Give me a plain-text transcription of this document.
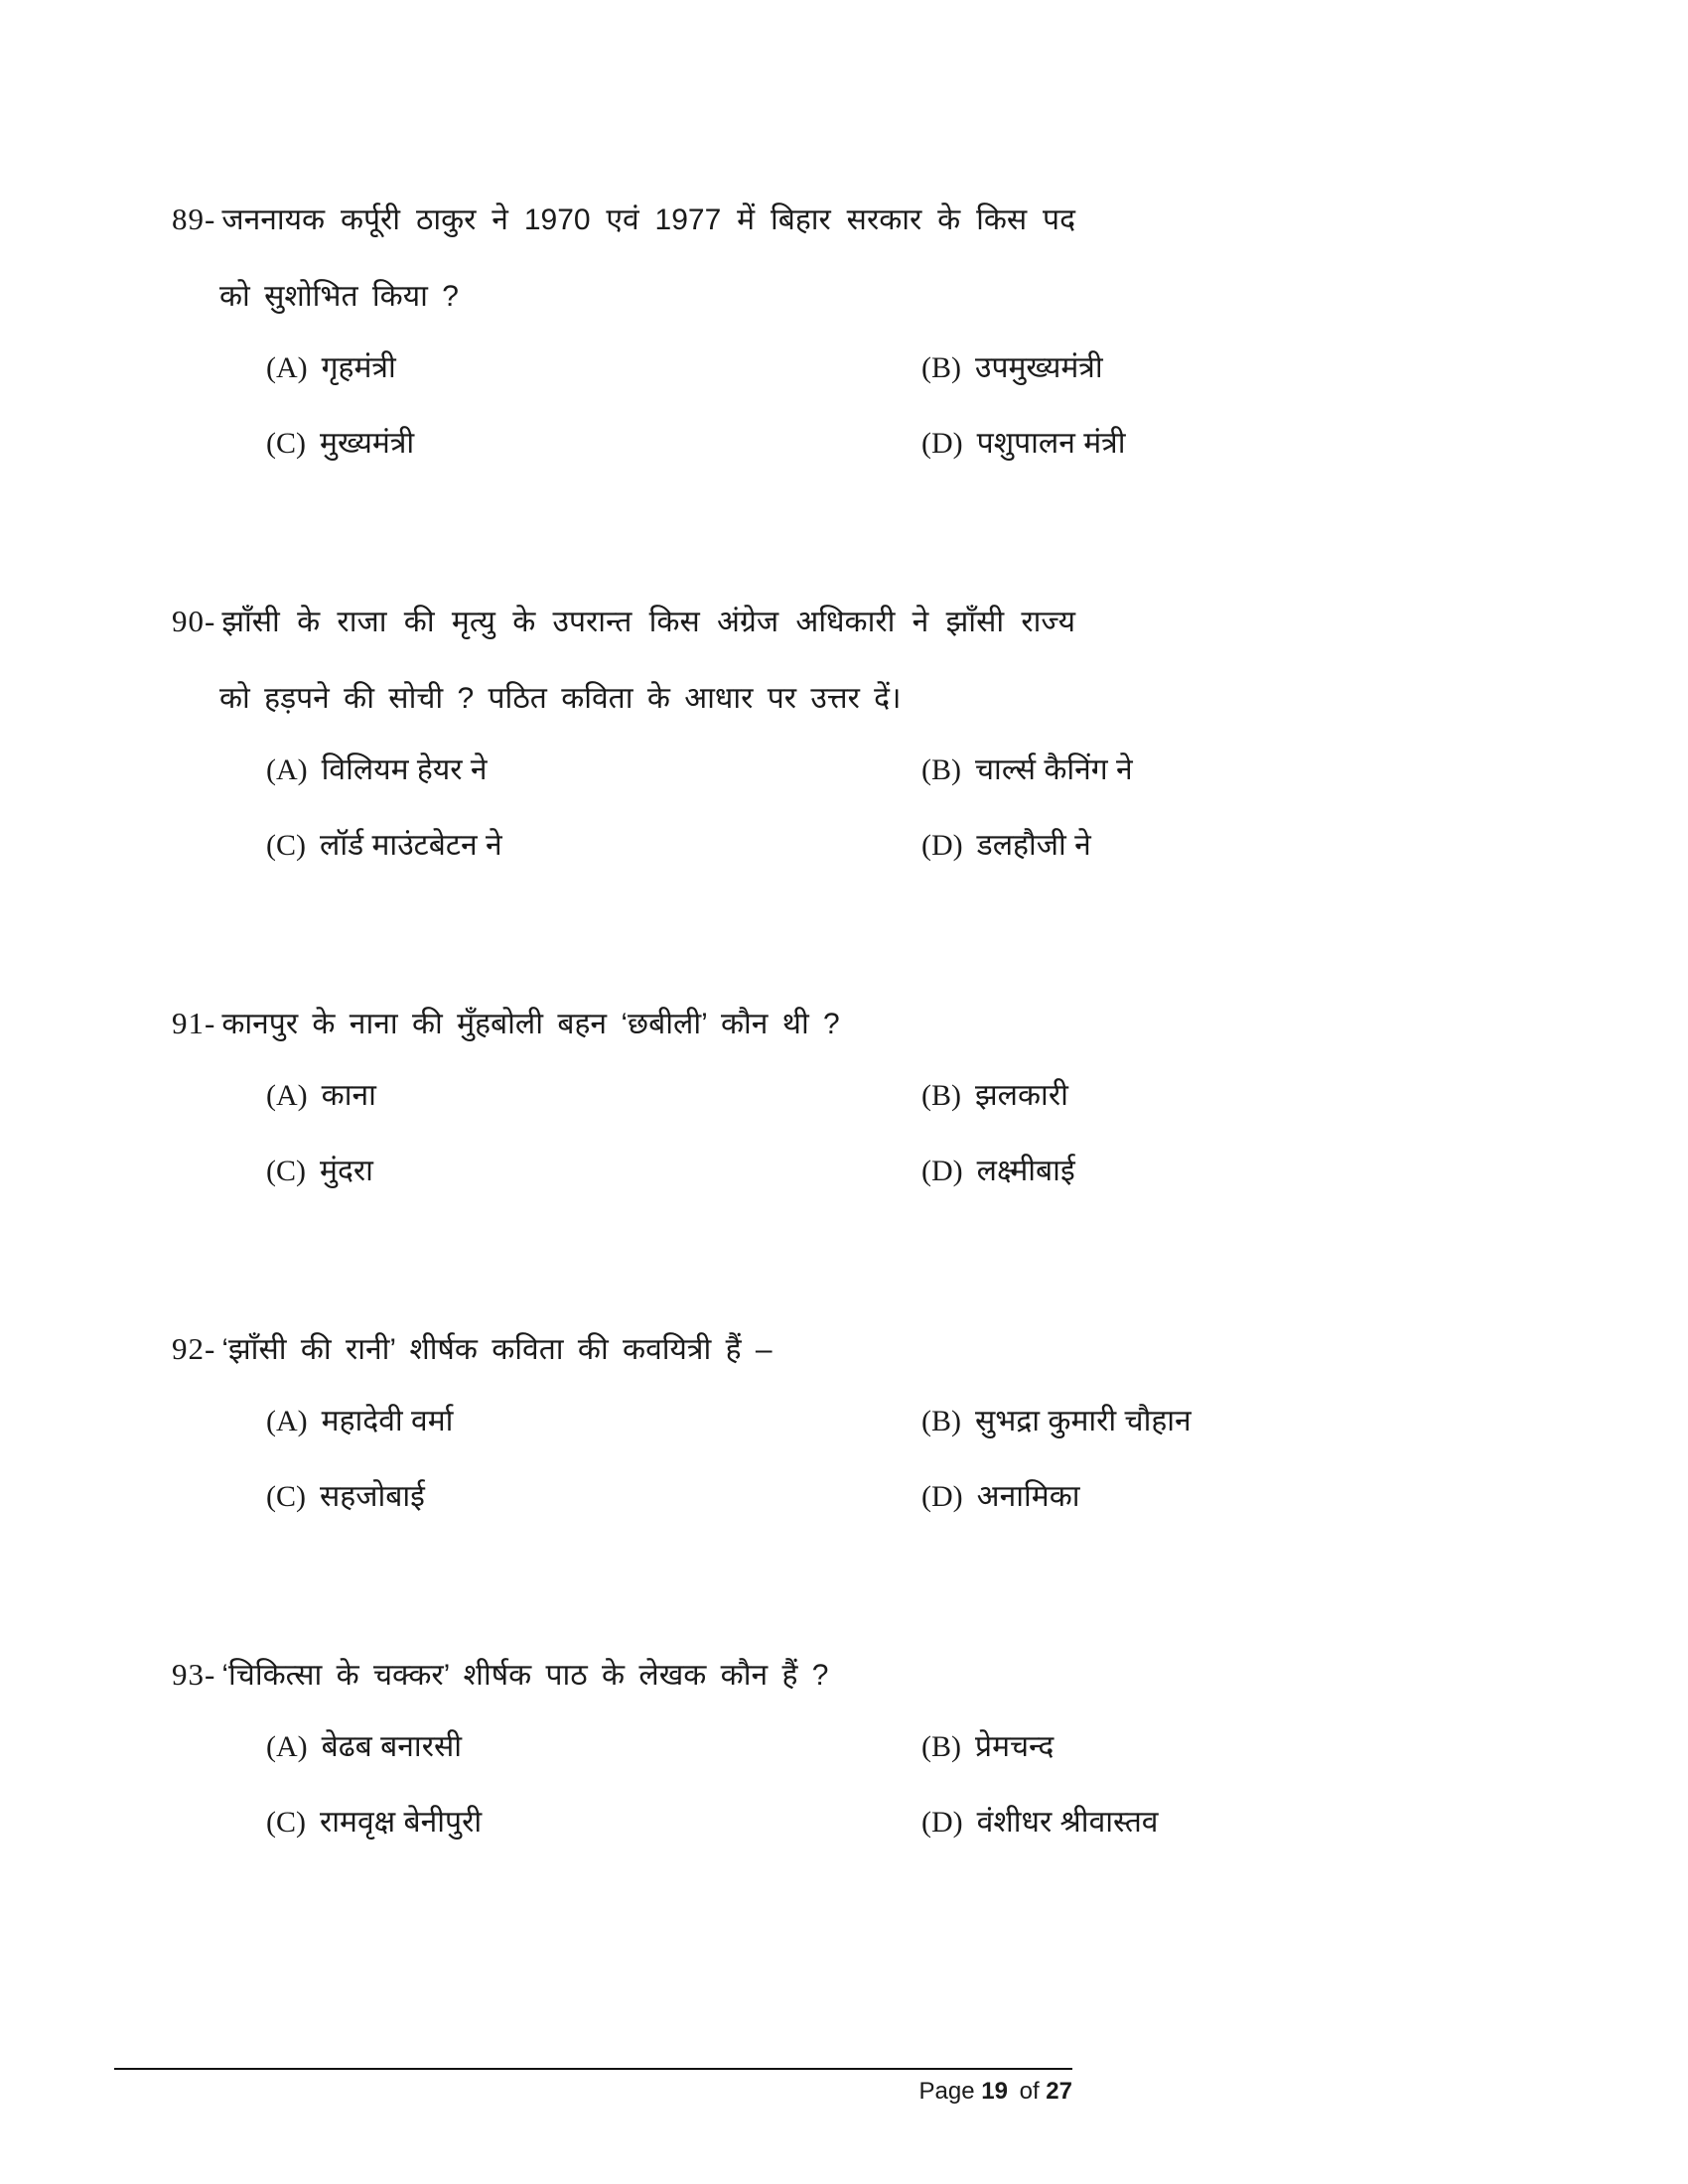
89- जननायक कर्पूरी ठाकुर ने 1970 एवं 1977 में बिहार सरकार के किस पद को सुशोभित किया ?

(A) गृहमंत्री	(B) उपमुख्यमंत्री
(C) मुख्यमंत्री	(D) पशुपालन मंत्री

90- झाँसी के राजा की मृत्यु के उपरान्त किस अंग्रेज अधिकारी ने झाँसी राज्य को हड़पने की सोची ? पठित कविता के आधार पर उत्तर दें।

(A) विलियम हेयर ने	(B) चार्ल्स कैनिंग ने
(C) लॉर्ड माउंटबेटन ने	(D) डलहौजी ने

91- कानपुर के नाना की मुँहबोली बहन ‘छबीली’ कौन थी ?

(A) काना	(B) झलकारी
(C) मुंदरा	(D) लक्ष्मीबाई

92- ‘झाँसी की रानी’ शीर्षक कविता की कवयित्री हैं –

(A) महादेवी वर्मा	(B) सुभद्रा कुमारी चौहान
(C) सहजोबाई	(D) अनामिका

93- ‘चिकित्सा के चक्कर’ शीर्षक पाठ के लेखक कौन हैं ?

(A) बेढब बनारसी	(B) प्रेमचन्द
(C) रामवृक्ष बेनीपुरी	(D) वंशीधर श्रीवास्तव
Page 19 of 27
